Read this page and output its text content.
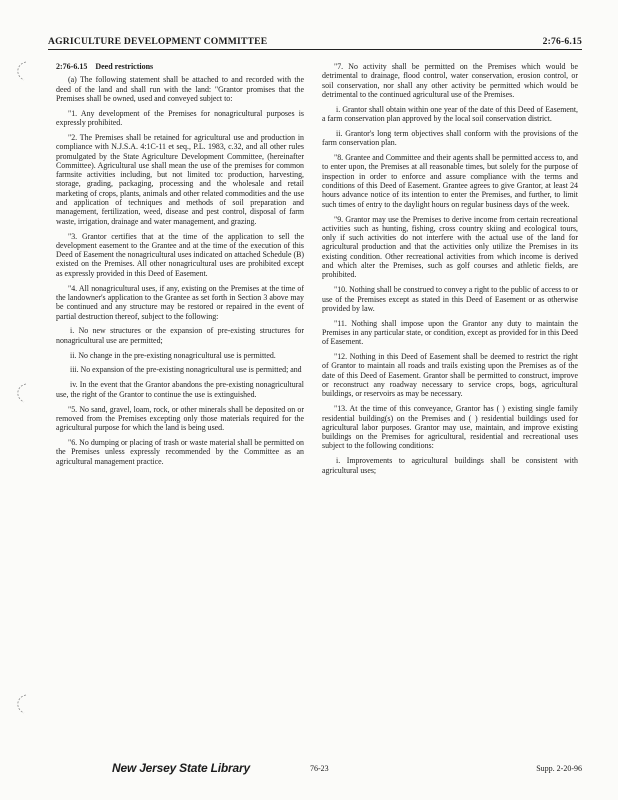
AGRICULTURE DEVELOPMENT COMMITTEE	2:76-6.15

2:76-6.15 Deed restrictions

(a) The following statement shall be attached to and recorded with the deed of the land and shall run with the land: "Grantor promises that the Premises shall be owned, used and conveyed subject to:

"1. Any development of the Premises for nonagricultural purposes is expressly prohibited.

"2. The Premises shall be retained for agricultural use and production in compliance with N.J.S.A. 4:1C-11 et seq., P.L. 1983, c.32, and all other rules promulgated by the State Agriculture Development Committee, (hereinafter Committee). Agricultural use shall mean the use of the premises for common farmsite activities including, but not limited to: production, harvesting, storage, grading, packaging, processing and the wholesale and retail marketing of crops, plants, animals and other related commodities and the use and application of techniques and methods of soil preparation and management, fertilization, weed, disease and pest control, disposal of farm waste, irrigation, drainage and water management, and grazing.

"3. Grantor certifies that at the time of the application to sell the development easement to the Grantee and at the time of the execution of this Deed of Easement the nonagricultural uses indicated on attached Schedule (B) existed on the Premises. All other nonagricultural uses are prohibited except as expressly provided in this Deed of Easement.

"4. All nonagricultural uses, if any, existing on the Premises at the time of the landowner's application to the Grantee as set forth in Section 3 above may be continued and any structure may be restored or repaired in the event of partial destruction thereof, subject to the following:

i. No new structures or the expansion of pre-existing structures for nonagricultural use are permitted;

ii. No change in the pre-existing nonagricultural use is permitted.

iii. No expansion of the pre-existing nonagricultural use is permitted; and

iv. In the event that the Grantor abandons the pre-existing nonagricultural use, the right of the Grantor to continue the use is extinguished.

"5. No sand, gravel, loam, rock, or other minerals shall be deposited on or removed from the Premises excepting only those materials required for the agricultural purpose for which the land is being used.

"6. No dumping or placing of trash or waste material shall be permitted on the Premises unless expressly recommended by the Committee as an agricultural management practice.

"7. No activity shall be permitted on the Premises which would be detrimental to drainage, flood control, water conservation, erosion control, or soil conservation, nor shall any other activity be permitted which would be detrimental to the continued agricultural use of the Premises.

i. Grantor shall obtain within one year of the date of this Deed of Easement, a farm conservation plan approved by the local soil conservation district.

ii. Grantor's long term objectives shall conform with the provisions of the farm conservation plan.

"8. Grantee and Committee and their agents shall be permitted access to, and to enter upon, the Premises at all reasonable times, but solely for the purpose of inspection in order to enforce and assure compliance with the terms and conditions of this Deed of Easement. Grantee agrees to give Grantor, at least 24 hours advance notice of its intention to enter the Premises, and further, to limit such times of entry to the daylight hours on regular business days of the week.

"9. Grantor may use the Premises to derive income from certain recreational activities such as hunting, fishing, cross country skiing and ecological tours, only if such activities do not interfere with the actual use of the land for agricultural production and that the activities only utilize the Premises in its existing condition. Other recreational activities from which income is derived and which alter the Premises, such as golf courses and athletic fields, are prohibited.

"10. Nothing shall be construed to convey a right to the public of access to or use of the Premises except as stated in this Deed of Easement or as otherwise provided by law.

"11. Nothing shall impose upon the Grantor any duty to maintain the Premises in any particular state, or condition, except as provided for in this Deed of Easement.

"12. Nothing in this Deed of Easement shall be deemed to restrict the right of Grantor to maintain all roads and trails existing upon the Premises as of the date of this Deed of Easement. Grantor shall be permitted to construct, improve or reconstruct any roadway necessary to service crops, bogs, agricultural buildings, or reservoirs as may be necessary.

"13. At the time of this conveyance, Grantor has ( ) existing single family residential building(s) on the Premises and ( ) residential buildings used for agricultural labor purposes. Grantor may use, maintain, and improve existing buildings on the Premises for agricultural, residential and recreational uses subject to the following conditions:

i. Improvements to agricultural buildings shall be consistent with agricultural uses;

New Jersey State Library	76-23	Supp. 2-20-96
